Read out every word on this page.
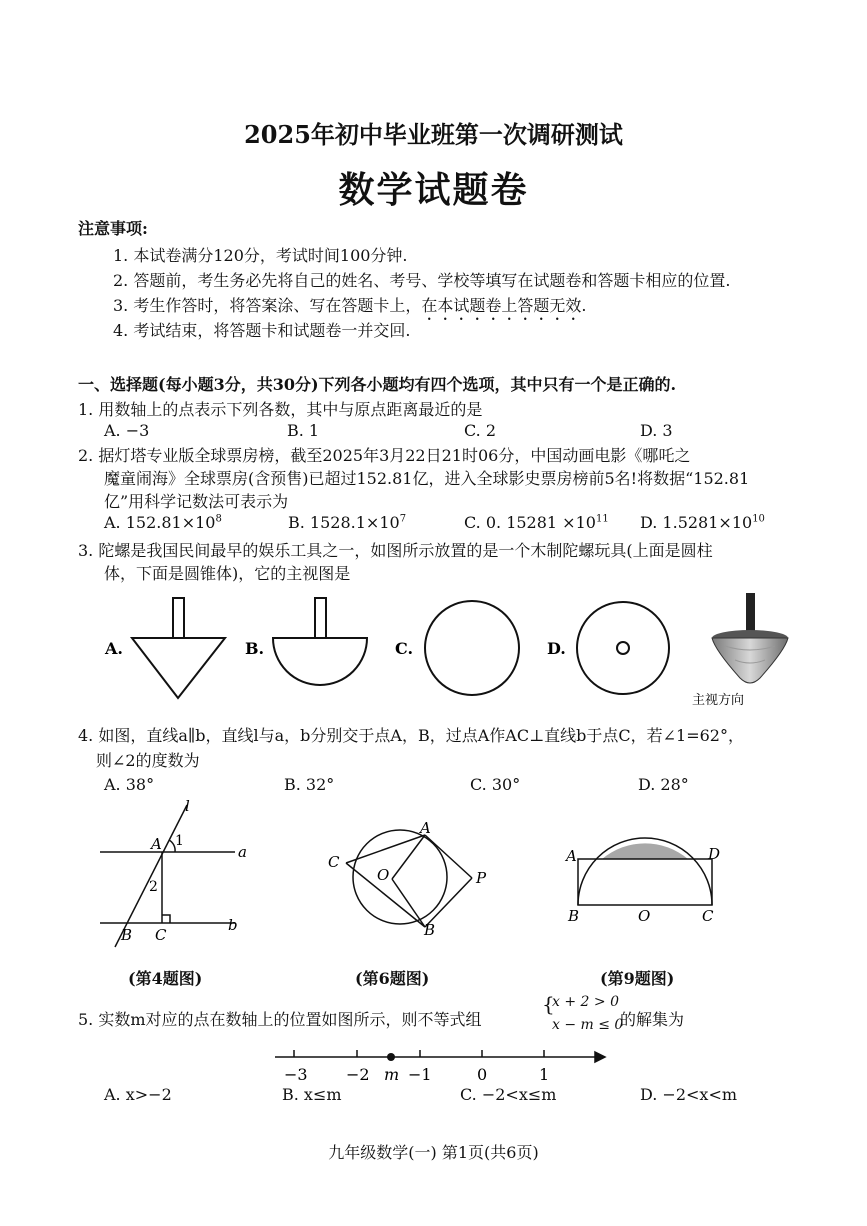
2025年初中毕业班第一次调研测试
数学试题卷
注意事项:
1. 本试卷满分120分，考试时间100分钟.
2. 答题前，考生务必先将自己的姓名、考号、学校等填写在试题卷和答题卡相应的位置.
3. 考生作答时，将答案涂、写在答题卡上，在本试题卷上答题无效.
4. 考试结束，将答题卡和试题卷一并交回.
一、选择题(每小题3分，共30分)下列各小题均有四个选项，其中只有一个是正确的.
1. 用数轴上的点表示下列各数，其中与原点距离最近的是
A. −3	B. 1	C. 2	D. 3
2. 据灯塔专业版全球票房榜，截至2025年3月22日21时06分，中国动画电影《哪吒之
魔童闹海》全球票房(含预售)已超过152.81亿，进入全球影史票房榜前5名!将数据“152.81
亿”用科学记数法可表示为
A. $152.81\times 10^8$	B. $1528.1\times 10^7$	C. 0. $15281 \times 10^{11}$ D. $1.5281\times 10^{10}$
3. 陀螺是我国民间最早的娱乐工具之一，如图所示放置的是一个木制陀螺玩具(上面是圆柱
体，下面是圆锥体)，它的主视图是
A.	B.	C.	D.
主视方向
4. 如图，直线a∥b，直线l与a，b分别交于点A，B，过点A作AC⊥直线b于点C，若∠1=62°，
则∠2的度数为
A. 38°	B. 32°	C. 30°	D. 28°
l
A 1
a
2
B C
b
A
C
O	P
B
A	D
B	O	C
(第4题图)	(第6题图)	(第9题图)
5. 实数m对应的点在数轴上的位置如图所示，则不等式组
{
x + 2 > 0
x − m ≤ 0
的解集为
−3 −2 m −1	0	1
A. x>−2	B. x≤m	C. −2<x≤m	D. −2<x<m
九年级数学(一) 第1页(共6页)
